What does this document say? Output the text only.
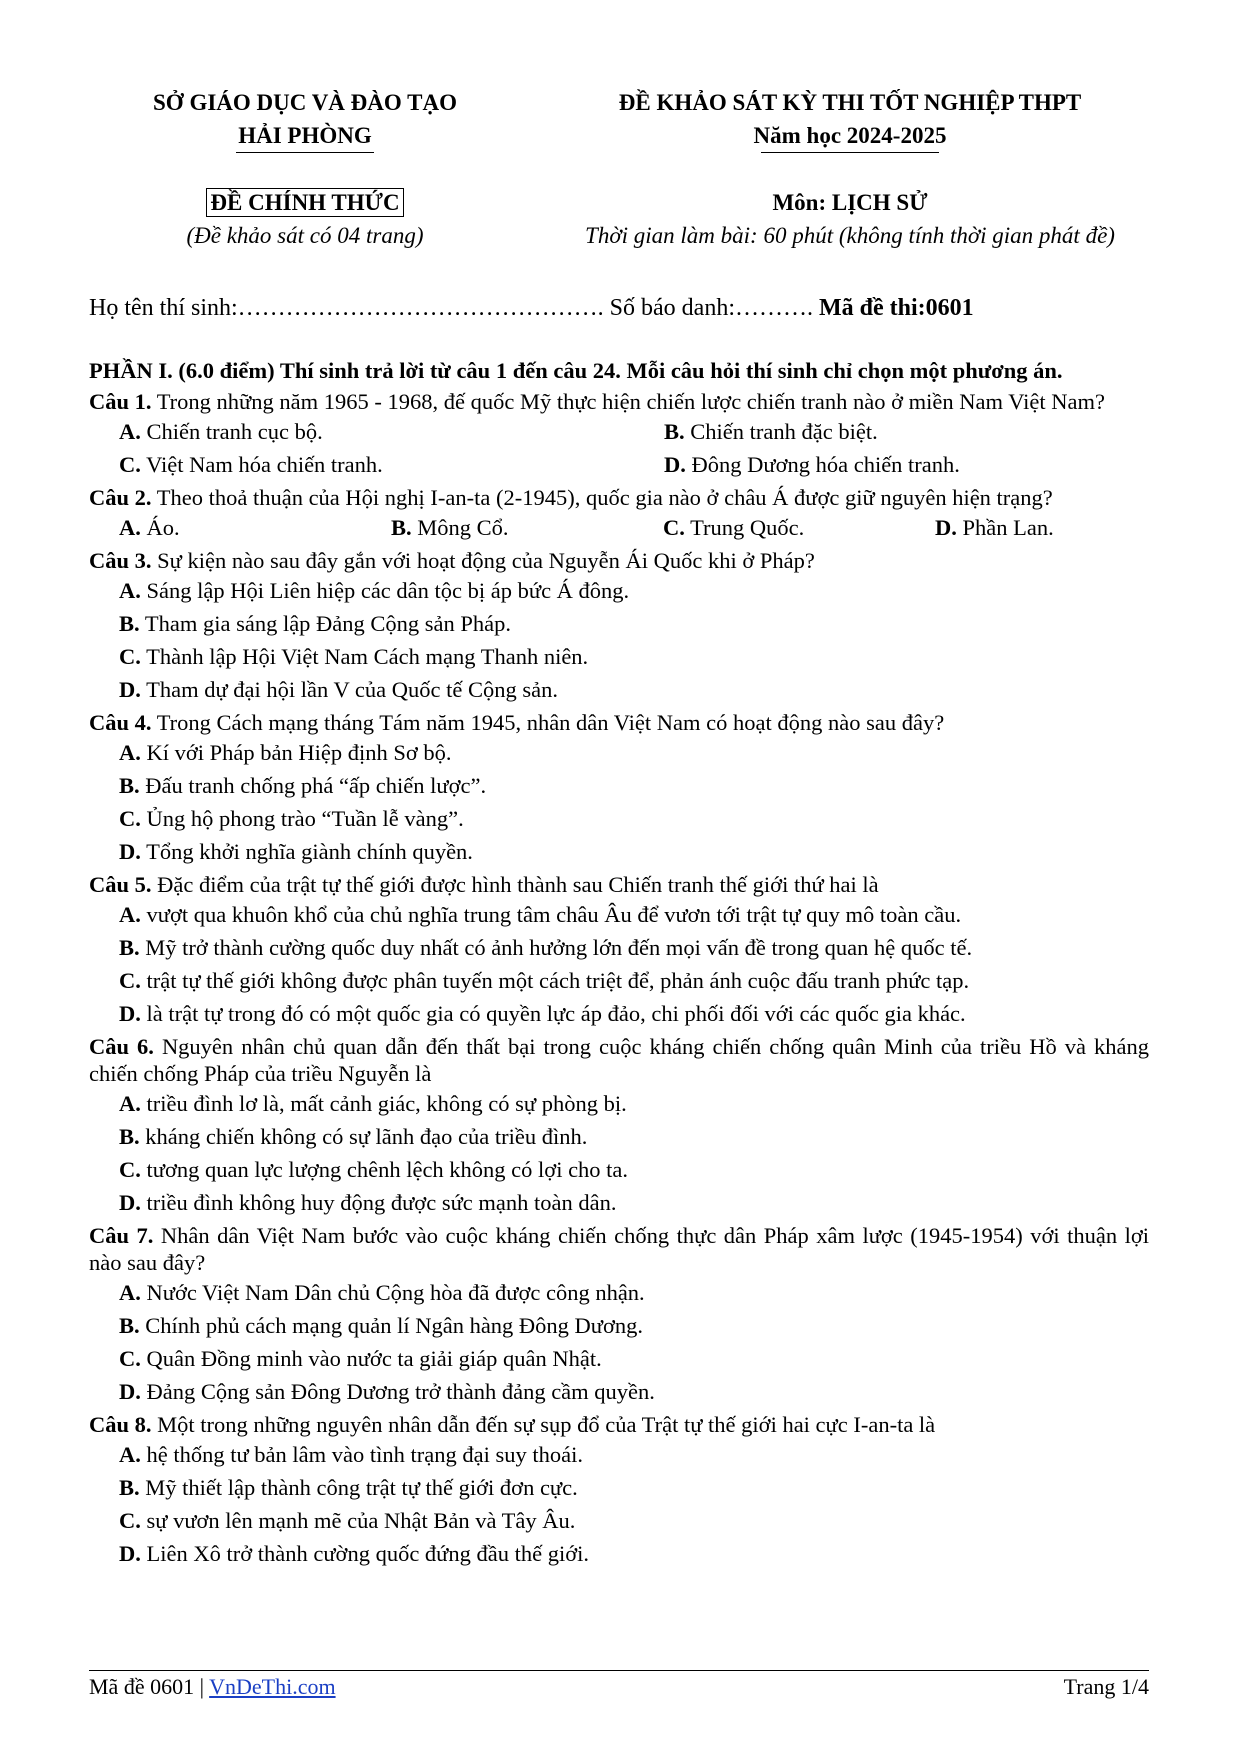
SỞ GIÁO DỤC VÀ ĐÀO TẠO
HẢI PHÒNG
ĐỀ KHẢO SÁT KỲ THI TỐT NGHIỆP THPT
Năm học 2024-2025
ĐỀ CHÍNH THỨC
(Đề khảo sát có 04 trang)
Môn: LỊCH SỬ
Thời gian làm bài: 60 phút (không tính thời gian phát đề)
Họ tên thí sinh:………………………………………. Số báo danh:………. Mã đề thi:0601
PHẦN I. (6.0 điểm) Thí sinh trả lời từ câu 1 đến câu 24. Mỗi câu hỏi thí sinh chỉ chọn một phương án.
Câu 1. Trong những năm 1965 - 1968, đế quốc Mỹ thực hiện chiến lược chiến tranh nào ở miền Nam Việt Nam?
A. Chiến tranh cục bộ.	B. Chiến tranh đặc biệt.
C. Việt Nam hóa chiến tranh.	D. Đông Dương hóa chiến tranh.
Câu 2. Theo thoả thuận của Hội nghị I-an-ta (2-1945), quốc gia nào ở châu Á được giữ nguyên hiện trạng?
A. Áo.	B. Mông Cổ.	C. Trung Quốc.	D. Phần Lan.
Câu 3. Sự kiện nào sau đây gắn với hoạt động của Nguyễn Ái Quốc khi ở Pháp?
A. Sáng lập Hội Liên hiệp các dân tộc bị áp bức Á đông.
B. Tham gia sáng lập Đảng Cộng sản Pháp.
C. Thành lập Hội Việt Nam Cách mạng Thanh niên.
D. Tham dự đại hội lần V của Quốc tế Cộng sản.
Câu 4. Trong Cách mạng tháng Tám năm 1945, nhân dân Việt Nam có hoạt động nào sau đây?
A. Kí với Pháp bản Hiệp định Sơ bộ.
B. Đấu tranh chống phá “ấp chiến lược”.
C. Ủng hộ phong trào “Tuần lễ vàng”.
D. Tổng khởi nghĩa giành chính quyền.
Câu 5. Đặc điểm của trật tự thế giới được hình thành sau Chiến tranh thế giới thứ hai là
A. vượt qua khuôn khổ của chủ nghĩa trung tâm châu Âu để vươn tới trật tự quy mô toàn cầu.
B. Mỹ trở thành cường quốc duy nhất có ảnh hưởng lớn đến mọi vấn đề trong quan hệ quốc tế.
C. trật tự thế giới không được phân tuyến một cách triệt để, phản ánh cuộc đấu tranh phức tạp.
D. là trật tự trong đó có một quốc gia có quyền lực áp đảo, chi phối đối với các quốc gia khác.
Câu 6. Nguyên nhân chủ quan dẫn đến thất bại trong cuộc kháng chiến chống quân Minh của triều Hồ và kháng chiến chống Pháp của triều Nguyễn là
A. triều đình lơ là, mất cảnh giác, không có sự phòng bị.
B. kháng chiến không có sự lãnh đạo của triều đình.
C. tương quan lực lượng chênh lệch không có lợi cho ta.
D. triều đình không huy động được sức mạnh toàn dân.
Câu 7. Nhân dân Việt Nam bước vào cuộc kháng chiến chống thực dân Pháp xâm lược (1945-1954) với thuận lợi nào sau đây?
A. Nước Việt Nam Dân chủ Cộng hòa đã được công nhận.
B. Chính phủ cách mạng quản lí Ngân hàng Đông Dương.
C. Quân Đồng minh vào nước ta giải giáp quân Nhật.
D. Đảng Cộng sản Đông Dương trở thành đảng cầm quyền.
Câu 8. Một trong những nguyên nhân dẫn đến sự sụp đổ của Trật tự thế giới hai cực I-an-ta là
A. hệ thống tư bản lâm vào tình trạng đại suy thoái.
B. Mỹ thiết lập thành công trật tự thế giới đơn cực.
C. sự vươn lên mạnh mẽ của Nhật Bản và Tây Âu.
D. Liên Xô trở thành cường quốc đứng đầu thế giới.
Mã đề 0601 | VnDeThi.com	Trang 1/4
